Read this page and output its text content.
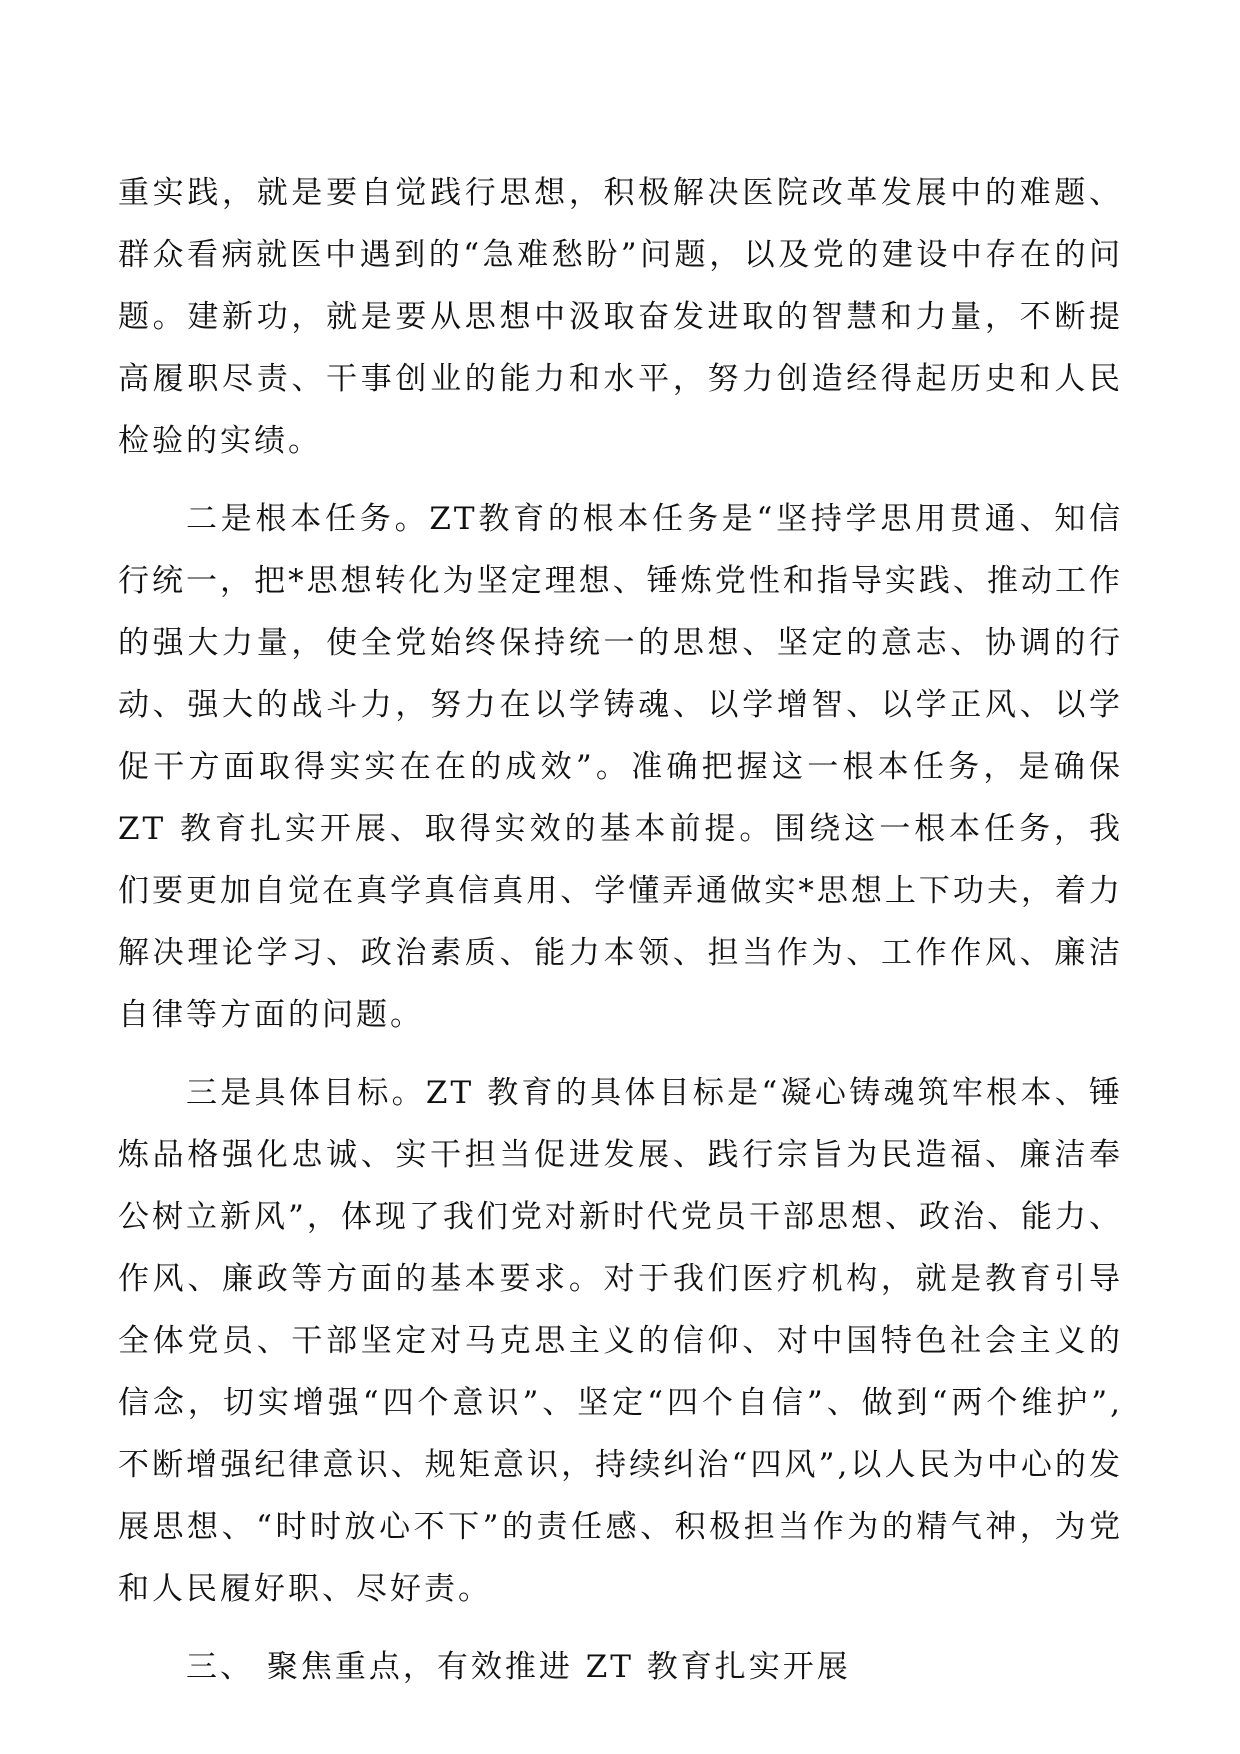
重实践，就是要自觉践行思想，积极解决医院改革发展中的难题、群众看病就医中遇到的“急难愁盼”问题，以及党的建设中存在的问题。建新功，就是要从思想中汲取奋发进取的智慧和力量，不断提高履职尽责、干事创业的能力和水平，努力创造经得起历史和人民检验的实绩。

二是根本任务。ZT教育的根本任务是“坚持学思用贯通、知信行统一，把*思想转化为坚定理想、锤炼党性和指导实践、推动工作的强大力量，使全党始终保持统一的思想、坚定的意志、协调的行动、强大的战斗力，努力在以学铸魂、以学增智、以学正风、以学促干方面取得实实在在的成效”。准确把握这一根本任务，是确保 ZT 教育扎实开展、取得实效的基本前提。围绕这一根本任务，我们要更加自觉在真学真信真用、学懂弄通做实*思想上下功夫，着力解决理论学习、政治素质、能力本领、担当作为、工作作风、廉洁自律等方面的问题。

三是具体目标。ZT 教育的具体目标是“凝心铸魂筑牢根本、锤炼品格强化忠诚、实干担当促进发展、践行宗旨为民造福、廉洁奉公树立新风”，体现了我们党对新时代党员干部思想、政治、能力、作风、廉政等方面的基本要求。对于我们医疗机构，就是教育引导全体党员、干部坚定对马克思主义的信仰、对中国特色社会主义的信念，切实增强“四个意识”、坚定“四个自信”、做到“两个维护”,不断增强纪律意识、规矩意识，持续纠治“四风”,以人民为中心的发展思想、“时时放心不下”的责任感、积极担当作为的精气神，为党和人民履好职、尽好责。

三、 聚焦重点，有效推进 ZT 教育扎实开展
